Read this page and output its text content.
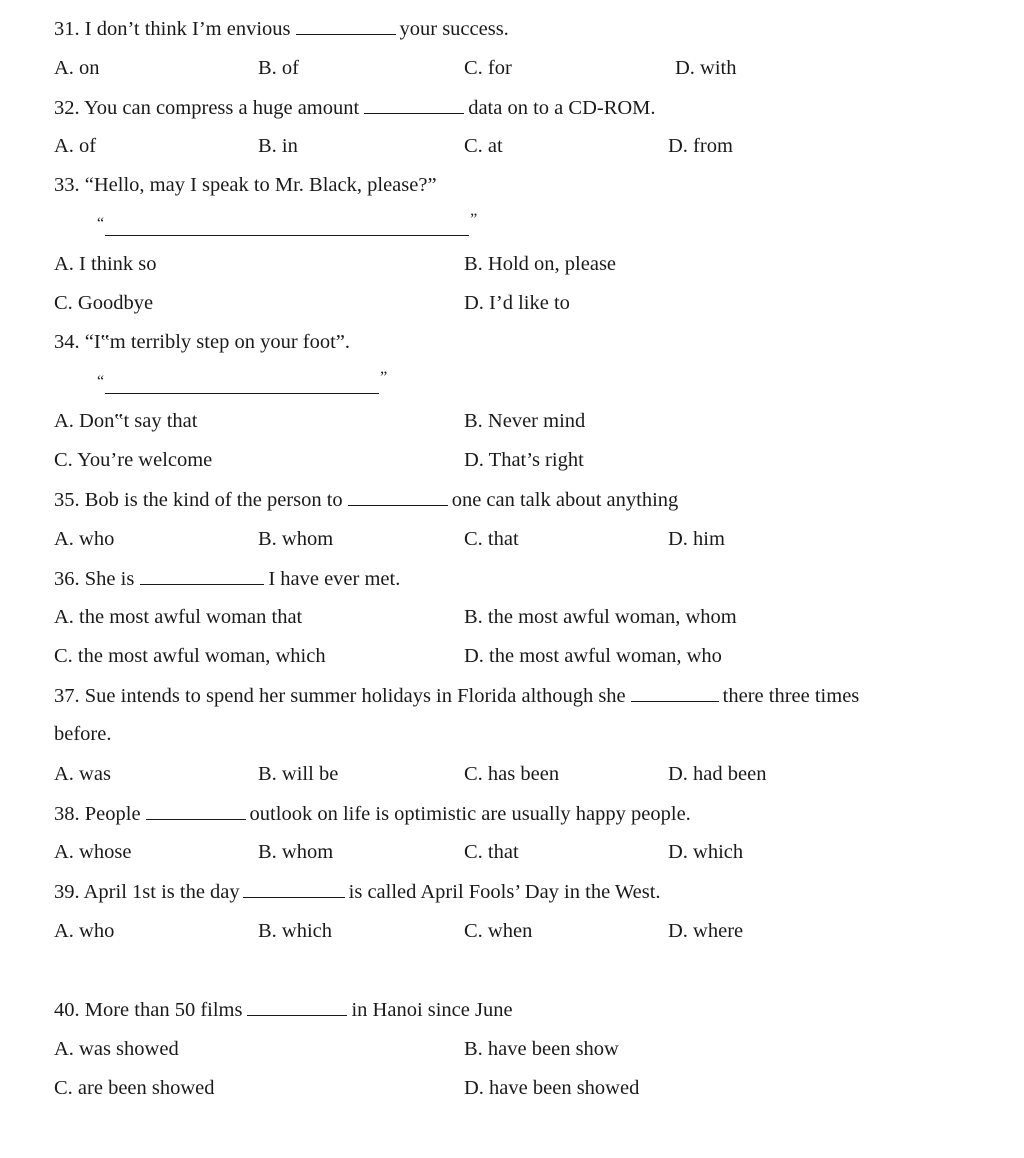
31. I don’t think I’m envious	your success.
A. on	B. of	C. for	D. with
32. You can compress a huge amount	data on to a CD-ROM.
A. of	B. in	C. at	D. from
33. “Hello, may I speak to Mr. Black, please?”
“	”
A. I think so	B. Hold on, please
C. Goodbye	D. I’d like to
34. “I‟m terribly step on your foot”.
“	”
A. Don‟t say that	B. Never mind
C. You’re welcome	D. That’s right
35. Bob is the kind of the person to	one can talk about anything
A. who	B. whom	C. that	D. him
36. She is	I have ever met.
A. the most awful woman that	B. the most awful woman, whom
C. the most awful woman, which	D. the most awful woman, who
37. Sue intends to spend her summer holidays in Florida although she	there three times
before.
A. was	B. will be	C. has been	D. had been
38. People	outlook on life is optimistic are usually happy people.
A. whose	B. whom	C. that	D. which
39. April 1st is the day	is called April Fools’ Day in the West.
A. who	B. which	C. when	D. where
40. More than 50 films	in Hanoi since June
A. was showed	B. have been show
C. are been showed	D. have been showed
